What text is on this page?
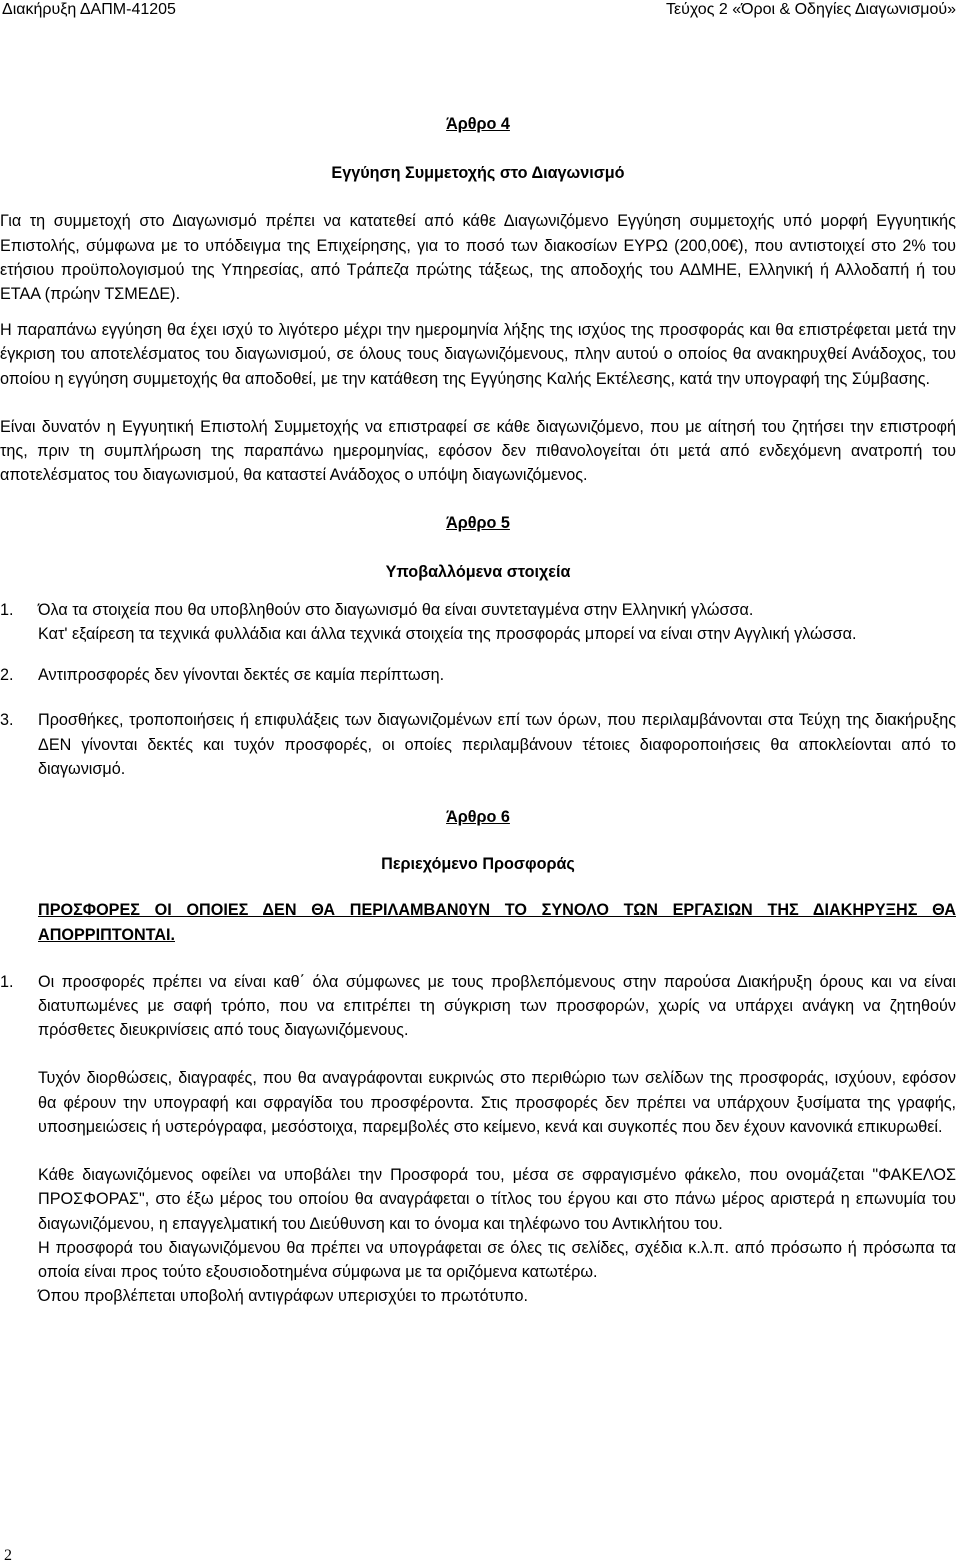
Διακήρυξη ΔΑΠΜ-41205	Τεύχος 2 «Όροι & Οδηγίες Διαγωνισμού»

Άρθρο 4

Εγγύηση Συμμετοχής στο Διαγωνισμό

Για τη συμμετοχή στο Διαγωνισμό πρέπει να κατατεθεί από κάθε Διαγωνιζόμενο Εγγύηση συμμετοχής υπό μορφή Εγγυητικής Επιστολής, σύμφωνα με το υπόδειγμα της Επιχείρησης, για το ποσό των διακοσίων ΕΥΡΩ (200,00€), που αντιστοιχεί στο 2% του ετήσιου προϋπολογισμού της Υπηρεσίας, από Τράπεζα πρώτης τάξεως, της αποδοχής του ΑΔΜΗΕ, Ελληνική ή Αλλοδαπή ή του ΕΤΑΑ (πρώην ΤΣΜΕΔΕ).

Η παραπάνω εγγύηση θα έχει ισχύ το λιγότερο μέχρι την ημερομηνία λήξης της ισχύος της προσφοράς και θα επιστρέφεται μετά την έγκριση του αποτελέσματος του διαγωνισμού, σε όλους τους διαγωνιζόμενους, πλην αυτού ο οποίος θα ανακηρυχθεί Ανάδοχος, του οποίου η εγγύηση συμμετοχής θα αποδοθεί, με την κατάθεση της Εγγύησης Καλής Εκτέλεσης, κατά την υπογραφή της Σύμβασης.

Είναι δυνατόν η Εγγυητική Επιστολή Συμμετοχής να επιστραφεί σε κάθε διαγωνιζόμενο, που με αίτησή του ζητήσει την επιστροφή της, πριν τη συμπλήρωση της παραπάνω ημερομηνίας, εφόσον δεν πιθανολογείται ότι μετά από ενδεχόμενη ανατροπή του αποτελέσματος του διαγωνισμού, θα καταστεί Ανάδοχος ο υπόψη διαγωνιζόμενος.

Άρθρο 5

Υποβαλλόμενα στοιχεία

1. Όλα τα στοιχεία που θα υποβληθούν στο διαγωνισμό θα είναι συντεταγμένα στην Ελληνική γλώσσα.
Κατ' εξαίρεση τα τεχνικά φυλλάδια και άλλα τεχνικά στοιχεία της προσφοράς μπορεί να είναι στην Αγγλική γλώσσα.
2. Αντιπροσφορές δεν γίνονται δεκτές σε καμία περίπτωση.
3. Προσθήκες, τροποποιήσεις ή επιφυλάξεις των διαγωνιζομένων επί των όρων, που περιλαμβάνονται στα Τεύχη της διακήρυξης ΔΕΝ γίνονται δεκτές και τυχόν προσφορές, οι οποίες περιλαμβάνουν τέτοιες διαφοροποιήσεις θα αποκλείονται από το διαγωνισμό.

Άρθρο 6

Περιεχόμενο Προσφοράς

ΠΡΟΣΦΟΡΕΣ ΟΙ ΟΠΟΙΕΣ ΔΕΝ ΘΑ ΠΕΡΙΛΑΜΒΑΝ0ΥΝ ΤΟ ΣΥΝΟΛΟ ΤΩΝ ΕΡΓΑΣΙΩΝ ΤΗΣ ΔΙΑΚΗΡΥΞΗΣ ΘΑ ΑΠΟΡΡΙΠΤΟΝΤΑΙ.

1. Οι προσφορές πρέπει να είναι καθ΄ όλα σύμφωνες με τους προβλεπόμενους στην παρούσα Διακήρυξη όρους και να είναι διατυπωμένες με σαφή τρόπο, που να επιτρέπει τη σύγκριση των προσφορών, χωρίς να υπάρχει ανάγκη να ζητηθούν πρόσθετες διευκρινίσεις από τους διαγωνιζόμενους.

Τυχόν διορθώσεις, διαγραφές, που θα αναγράφονται ευκρινώς στο περιθώριο των σελίδων της προσφοράς, ισχύουν, εφόσον θα φέρουν την υπογραφή και σφραγίδα του προσφέροντα. Στις προσφορές δεν πρέπει να υπάρχουν ξυσίματα της γραφής, υποσημειώσεις ή υστερόγραφα, μεσόστοιχα, παρεμβολές στο κείμενο, κενά και συγκοπές που δεν έχουν κανονικά επικυρωθεί.

Κάθε διαγωνιζόμενος οφείλει να υποβάλει την Προσφορά του, μέσα σε σφραγισμένο φάκελο, που ονομάζεται "ΦΑΚΕΛΟΣ ΠΡΟΣΦΟΡΑΣ", στο έξω μέρος του οποίου θα αναγράφεται ο τίτλος του έργου και στο πάνω μέρος αριστερά η επωνυμία του διαγωνιζόμενου, η επαγγελματική του Διεύθυνση και το όνομα και τηλέφωνο του Αντικλήτου του.

Η προσφορά του διαγωνιζόμενου θα πρέπει να υπογράφεται σε όλες τις σελίδες, σχέδια κ.λ.π. από πρόσωπο ή πρόσωπα τα οποία είναι προς τούτο εξουσιοδοτημένα σύμφωνα με τα οριζόμενα κατωτέρω.

Όπου προβλέπεται υποβολή αντιγράφων υπερισχύει το πρωτότυπο.

2
